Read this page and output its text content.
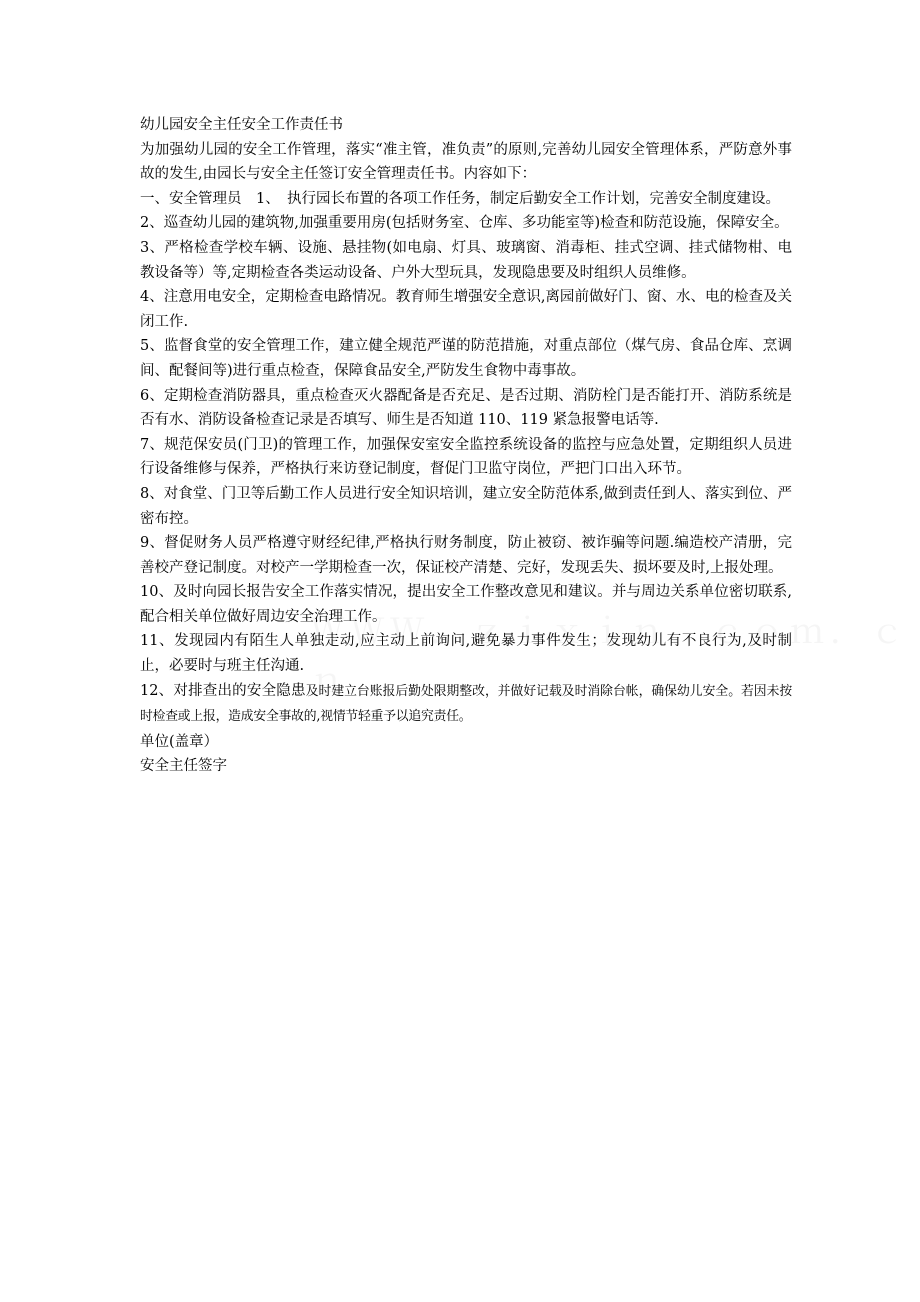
幼儿园安全主任安全工作责任书

为加强幼儿园的安全工作管理，落实“准主管，准负责”的原则,完善幼儿园安全管理体系，严防意外事故的发生,由园长与安全主任签订安全管理责任书。内容如下：

一、安全管理员　1、　执行园长布置的各项工作任务，制定后勤安全工作计划，完善安全制度建设。

2、巡查幼儿园的建筑物,加强重要用房(包括财务室、仓库、多功能室等)检查和防范设施，保障安全。

3、严格检查学校车辆、设施、悬挂物(如电扇、灯具、玻璃窗、消毒柜、挂式空调、挂式储物柑、电教设备等）等,定期检查各类运动设备、户外大型玩具，发现隐患要及时组织人员维修。

4、注意用电安全，定期检查电路情况。教育师生增强安全意识,离园前做好门、窗、水、电的检查及关闭工作.

5、监督食堂的安全管理工作，建立健全规范严谨的防范措施，对重点部位（煤气房、食品仓库、烹调间、配餐间等)进行重点检查，保障食品安全,严防发生食物中毒事故。

6、定期检查消防器具，重点检查灭火器配备是否充足、是否过期、消防栓门是否能打开、消防系统是否有水、消防设备检查记录是否填写、师生是否知道 110、119 紧急报警电话等.

7、规范保安员(门卫)的管理工作，加强保安室安全监控系统设备的监控与应急处置，定期组织人员进行设备维修与保养，严格执行来访登记制度，督促门卫监守岗位，严把门口出入环节。

8、对食堂、门卫等后勤工作人员进行安全知识培训，建立安全防范体系,做到责任到人、落实到位、严密布控。

9、督促财务人员严格遵守财经纪律,严格执行财务制度，防止被窃、被诈骗等问题.编造校产清册，完善校产登记制度。对校产一学期检查一次，保证校产清楚、完好，发现丢失、损坏要及时,上报处理。

10、及时向园长报告安全工作落实情况，提出安全工作整改意见和建议。并与周边关系单位密切联系,配合相关单位做好周边安全治理工作。

11、发现园内有陌生人单独走动,应主动上前询问,避免暴力事件发生；发现幼儿有不良行为,及时制止，必要时与班主任沟通.

12、对排查出的安全隐患及时建立台账报后勤处限期整改，并做好记载及时消除台帐，确保幼儿安全。若因未按时检查或上报，造成安全事故的,视情节轻重予以追究责任。

单位(盖章）

安全主任签字
